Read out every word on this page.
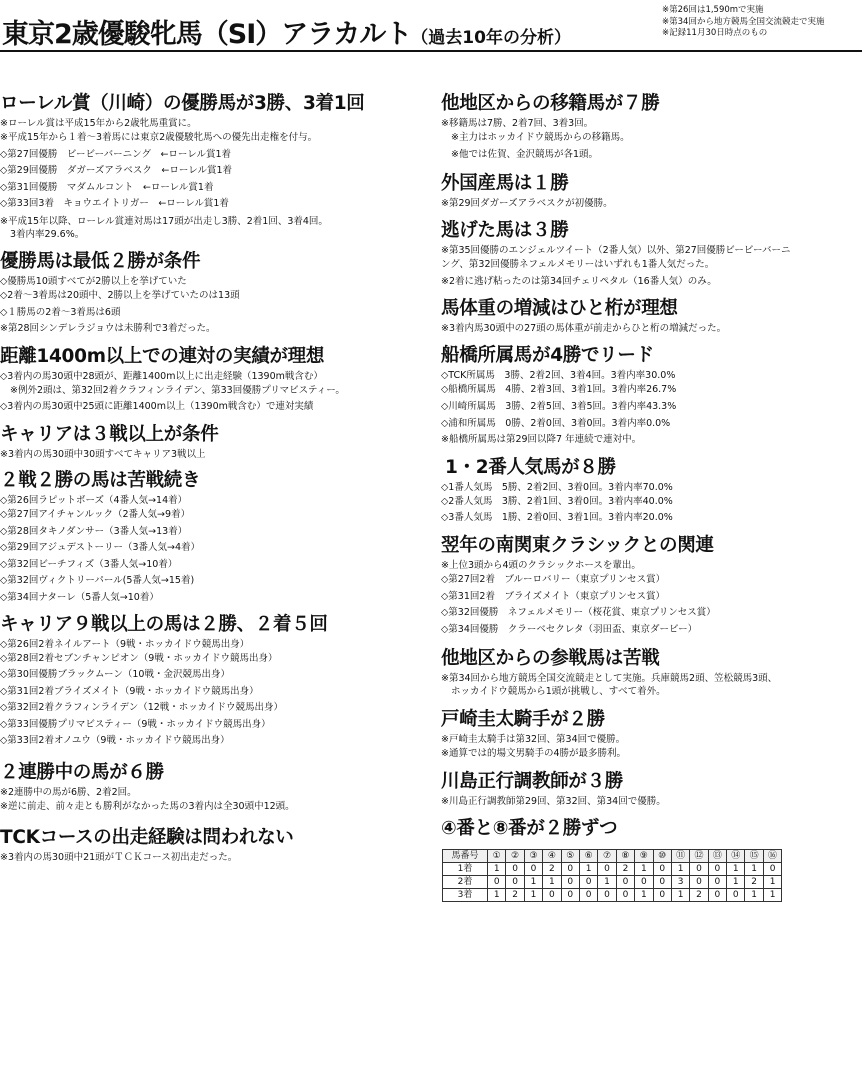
東京2歳優駿牝馬（SI）アラカルト（過去10年の分析）
※第26回は1,590mで実施
※第34回から地方競馬全国交流競走で実施
※記録11月30日時点のもの
ローレル賞（川崎）の優勝馬が3勝、3着1回
※ローレル賞は平成15年から2歳牝馬重賞に。
※平成15年から１着～3着馬には東京2歳優駿牝馬への優先出走権を付与。
◇第27回優勝　ビービーバーニング　←ローレル賞1着
◇第29回優勝　ダガーズアラベスク　←ローレル賞1着
◇第31回優勝　マダムルコント　←ローレル賞1着
◇第33回3着　キョウエイトリガー　←ローレル賞1着
※平成15年以降、ローレル賞連対馬は17頭が出走し3勝、2着1回、3着4回。
3着内率29.6%。
優勝馬は最低２勝が条件
◇優勝馬10頭すべてが2勝以上を挙げていた
◇2着～3着馬は20頭中、2勝以上を挙げていたのは13頭
◇１勝馬の2着～3着馬は6頭
※第28回シンデレラジョウは未勝利で3着だった。
距離1400m以上での連対の実績が理想
◇3着内の馬30頭中28頭が、距離1400m以上に出走経験（1390m戦含む）
※例外2頭は、第32回2着クラフィンライデン、第33回優勝プリマビスティー。
◇3着内の馬30頭中25頭に距離1400m以上（1390m戦含む）で連対実績
キャリアは３戦以上が条件
※3着内の馬30頭中30頭すべてキャリア3戦以上
２戦２勝の馬は苦戦続き
◇第26回ラピットボーズ（4番人気→14着）
◇第27回アイチャンルック（2番人気→9着）
◇第28回タキノダンサー（3番人気→13着）
◇第29回アジュデストーリー（3番人気→4着）
◇第32回ビーチフィズ（3番人気→10着）
◇第32回ヴィクトリーパール(5番人気→15着)
◇第34回ナターレ（5番人気→10着）
キャリア９戦以上の馬は２勝、２着５回
◇第26回2着ネイルアート（9戦・ホッカイドウ競馬出身）
◇第28回2着セブンチャンピオン（9戦・ホッカイドウ競馬出身）
◇第30回優勝ブラックムーン（10戦・金沢競馬出身）
◇第31回2着ブライズメイト（9戦・ホッカイドウ競馬出身）
◇第32回2着クラフィンライデン（12戦・ホッカイドウ競馬出身）
◇第33回優勝プリマビスティー（9戦・ホッカイドウ競馬出身）
◇第33回2着オノユウ（9戦・ホッカイドウ競馬出身）
２連勝中の馬が６勝
※2連勝中の馬が6勝、2着2回。
※逆に前走、前々走とも勝利がなかった馬の3着内は全30頭中12頭。
TCKコースの出走経験は問われない
※3着内の馬30頭中21頭がＴＣＫコース初出走だった。
他地区からの移籍馬が７勝
※移籍馬は7勝、2着7回、3着3回。
※主力はホッカイドウ競馬からの移籍馬。
※他では佐賀、金沢競馬が各1頭。
外国産馬は１勝
※第29回ダガーズアラベスクが初優勝。
逃げた馬は３勝
※第35回優勝のエンジェルツイート（2番人気）以外、第27回優勝ビービーバーニ
ング、第32回優勝ネフェルメモリーはいずれも1番人気だった。
※2着に逃げ粘ったのは第34回チェリペタル（16番人気）のみ。
馬体重の増減はひと桁が理想
※3着内馬30頭中の27頭の馬体重が前走からひと桁の増減だった。
船橋所属馬が4勝でリード
◇TCK所属馬　3勝、2着2回、3着4回。3着内率30.0%
◇船橋所属馬　4勝、2着3回、3着1回。3着内率26.7%
◇川崎所属馬　3勝、2着5回、3着5回。3着内率43.3%
◇浦和所属馬　0勝、2着0回、3着0回。3着内率0.0%
※船橋所属馬は第29回以降7 年連続で連対中。
1・2番人気馬が８勝
◇1番人気馬　5勝、2着2回、3着0回。3着内率70.0%
◇2番人気馬　3勝、2着1回、3着0回。3着内率40.0%
◇3番人気馬　1勝、2着0回、3着1回。3着内率20.0%
翌年の南関東クラシックとの関連
※上位3頭から4頭のクラシックホースを輩出。
◇第27回2着　ブルーロバリー（東京プリンセス賞）
◇第31回2着　ブライズメイト（東京プリンセス賞）
◇第32回優勝　ネフェルメモリー（桜花賞、東京プリンセス賞）
◇第34回優勝　クラーベセクレタ（羽田盃、東京ダービー）
他地区からの参戦馬は苦戦
※第34回から地方競馬全国交流競走として実施。兵庫競馬2頭、笠松競馬3頭、
ホッカイドウ競馬から1頭が挑戦し、すべて着外。
戸崎圭太騎手が２勝
※戸崎圭太騎手は第32回、第34回で優勝。
※通算では的場文男騎手の4勝が最多勝利。
川島正行調教師が３勝
※川島正行調教師第29回、第32回、第34回で優勝。
④番と⑧番が２勝ずつ
馬番号	①	②	③	④	⑤	⑥	⑦	⑧	⑨	⑩	⑪	⑫	⑬	⑭	⑮	⑯
1着	1	0	0	2	0	1	0	2	1	0	1	0	0	1	1	0
2着	0	0	1	1	0	0	1	0	0	0	3	0	0	1	2	1
3着	1	2	1	0	0	0	0	0	1	0	1	2	0	0	1	1
